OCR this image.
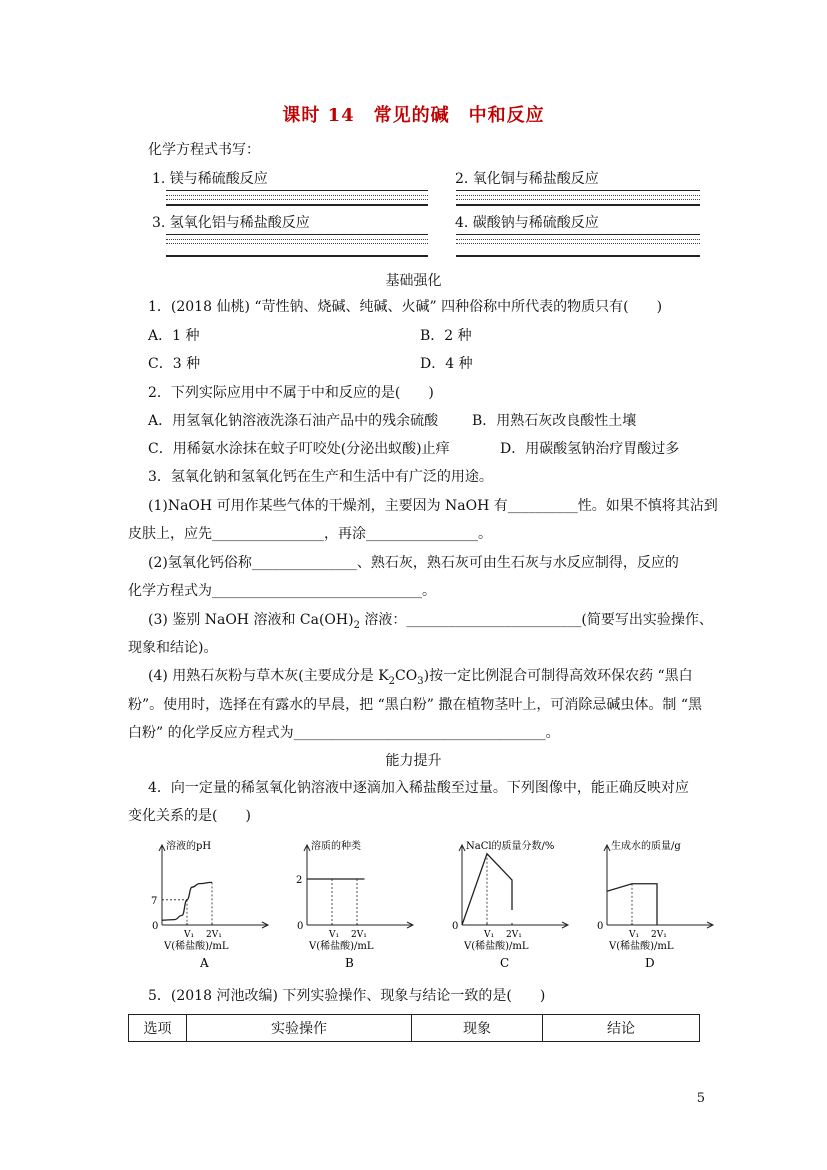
课时 14　常见的碱　中和反应
化学方程式书写：
1. 镁与稀硫酸反应	2. 氧化铜与稀盐酸反应
3. 氢氧化铝与稀盐酸反应	4. 碳酸钠与稀硫酸反应
基础强化
1．(2018 仙桃) “苛性钠、烧碱、纯碱、火碱” 四种俗称中所代表的物质只有(　　)
A．1 种	B．2 种
C．3 种	D．4 种
2．下列实际应用中不属于中和反应的是(　　)
A．用氢氧化钠溶液洗涤石油产品中的残余硫酸 B．用熟石灰改良酸性土壤
C．用稀氨水涂抹在蚊子叮咬处(分泌出蚁酸)止痒	D．用碳酸氢钠治疗胃酸过多
3．氢氧化钠和氢氧化钙在生产和生活中有广泛的用途。
(1)NaOH 可用作某些气体的干燥剂，主要因为 NaOH 有__________性。如果不慎将其沾到
皮肤上，应先________________，再涂________________。
(2)氢氧化钙俗称_______________、熟石灰，熟石灰可由生石灰与水反应制得，反应的
化学方程式为______________________________。
(3) 鉴别 NaOH 溶液和 $Ca(OH)_2$ 溶液：_________________________(简要写出实验操作、
现象和结论)。
(4) 用熟石灰粉与草木灰(主要成分是 $K_2CO_3$)按一定比例混合可制得高效环保农药 “黑白
粉”。使用时，选择在有露水的早晨，把 “黑白粉” 撒在植物茎叶上，可消除忌碱虫体。制 “黑
白粉” 的化学反应方程式为____________________________________。
能力提升
4．向一定量的稀氢氧化钠溶液中逐滴加入稀盐酸至过量。下列图像中，能正确反映对应
变化关系的是(　　)
溶液的pH
0
V₁ 2V₁
V(稀盐酸)/mL
A
7
溶质的种类
0
V₁ 2V₁
V(稀盐酸)/mL
B
2
NaCl的质量分数/%
0
V₁ 2V₁
V(稀盐酸)/mL
C
生成水的质量/g
0
V₁ 2V₁
V(稀盐酸)/mL
D
5．(2018 河池改编) 下列实验操作、现象与结论一致的是(　　)
选项	实验操作	现象	结论
5
